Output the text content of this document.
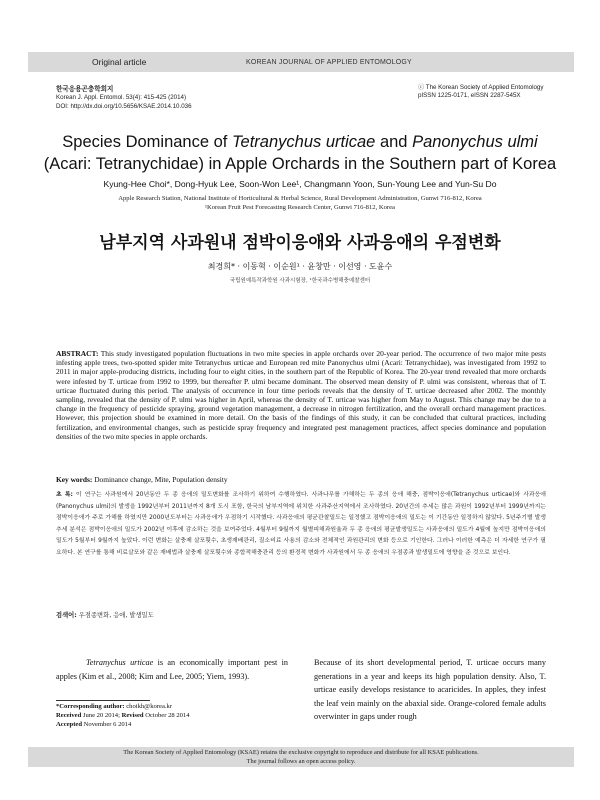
Original article	KOREAN JOURNAL OF APPLIED ENTOMOLOGY
한국응용곤충학회지
Korean J. Appl. Entomol. 53(4): 415-425 (2014)
DOI: http://dx.doi.org/10.5656/KSAE.2014.10.036
ⓒ The Korean Society of Applied Entomology
pISSN 1225-0171, eISSN 2287-545X
Species Dominance of Tetranychus urticae and Panonychus ulmi
(Acari: Tetranychidae) in Apple Orchards in the Southern part of Korea
Kyung-Hee Choi*, Dong-Hyuk Lee, Soon-Won Lee¹, Changmann Yoon, Sun-Young Lee and Yun-Su Do
Apple Research Station, National Institute of Horticultural & Herbal Science, Rural Development Administration, Gunwi 716-812, Korea
¹Korean Fruit Pest Forecasting Research Center, Gunwi 716-812, Korea
남부지역 사과원내 점박이응애와 사과응애의 우점변화
최경희* · 이동혁 · 이순원¹ · 윤창만 · 이선영 · 도윤수
국립원예특작과학원 사과시험장, ¹한국과수병해충예찰센터
ABSTRACT: This study investigated population fluctuations in two mite species in apple orchards over 20-year period. The occurrence of two major mite pests infesting apple trees, two-spotted spider mite Tetranychus urticae and European red mite Panonychus ulmi (Acari: Tetranychidae), was investigated from 1992 to 2011 in major apple-producing districts, including four to eight cities, in the southern part of the Republic of Korea. The 20-year trend revealed that more orchards were infested by T. urticae from 1992 to 1999, but thereafter P. ulmi became dominant. The observed mean density of P. ulmi was consistent, whereas that of T. urticae fluctuated during this period. The analysis of occurrence in four time periods reveals that the density of T. urticae decreased after 2002. The monthly sampling, revealed that the density of P. ulmi was higher in April, whereas the density of T. urticae was higher from May to August. This change may be due to a change in the frequency of pesticide spraying, ground vegetation management, a decrease in nitrogen fertilization, and the overall orchard management practices. However, this projection should be examined in more detail. On the basis of the findings of this study, it can be concluded that cultural practices, including fertilization, and environmental changes, such as pesticide spray frequency and integrated pest management practices, affect species dominance and population densities of the two mite species in apple orchards.
Key words: Dominance change, Mite, Population density
초 록: 이 연구는 사과원에서 20년동안 두 종 응애의 밀도변화를 조사하기 위하여 수행하였다. 사과나무를 가해하는 두 종의 응애 해충, 점박이응애(Tetranychus urticae)와 사과응애(Panonychus ulmi)의 발생을 1992년부터 2011년까지 8개 도시 포함, 한국의 남부지역에 위치한 사과주산지역에서 조사하였다. 20년간의 추세는 많은 과원이 1992년부터 1999년까지는 점박이응애가 주로 가해를 하였지만 2000년도부터는 사과응애가 우점하기 시작했다. 사과응애의 평균관찰밀도는 일정했고 점박이응애의 밀도는 이 기간동안 일정하지 않았다. 5년주기별 발생추세 분석은 점박이응애의 밀도가 2002년 이후에 감소하는 것을 보여주었다. 4월부터 9월까지 월별피해과원율과 두 종 응애의 평균발생밀도는 사과응애의 밀도가 4월에 높지만 점박이응애의 밀도가 5월부터 9월까지 높았다. 이런 변화는 살충제 살포횟수, 초생재배관리, 질소비료 사용의 감소와 전체적인 과원관리의 변화 등으로 기인한다. 그러나 이러한 예측은 더 자세한 연구가 필요하다. 본 연구를 통해 비료살포와 같은 재배법과 살충제 살포횟수와 종합적해충관리 등의 환경적 변화가 사과원에서 두 종 응애의 우점종과 발생밀도에 영향을 준 것으로 보인다.
검색어: 우점종변화, 응애, 발생밀도

Tetranychus urticae is an economically important pest in apples (Kim et al., 2008; Kim and Lee, 2005; Yiem, 1993).

Because of its short developmental period, T. urticae occurs many generations in a year and keeps its high population density. Also, T. urticae easily develops resistance to acaricides. In apples, they infest the leaf vein mainly on the abaxial side. Orange-colored female adults overwinter in gaps under rough

*Corresponding author: choikh@korea.kr
Received June 20 2014; Revised October 28 2014
Accepted November 6 2014
The Korean Society of Applied Entomology (KSAE) retains the exclusive copyright to reproduce and distribute for all KSAE publications.
The journal follows an open access policy.
